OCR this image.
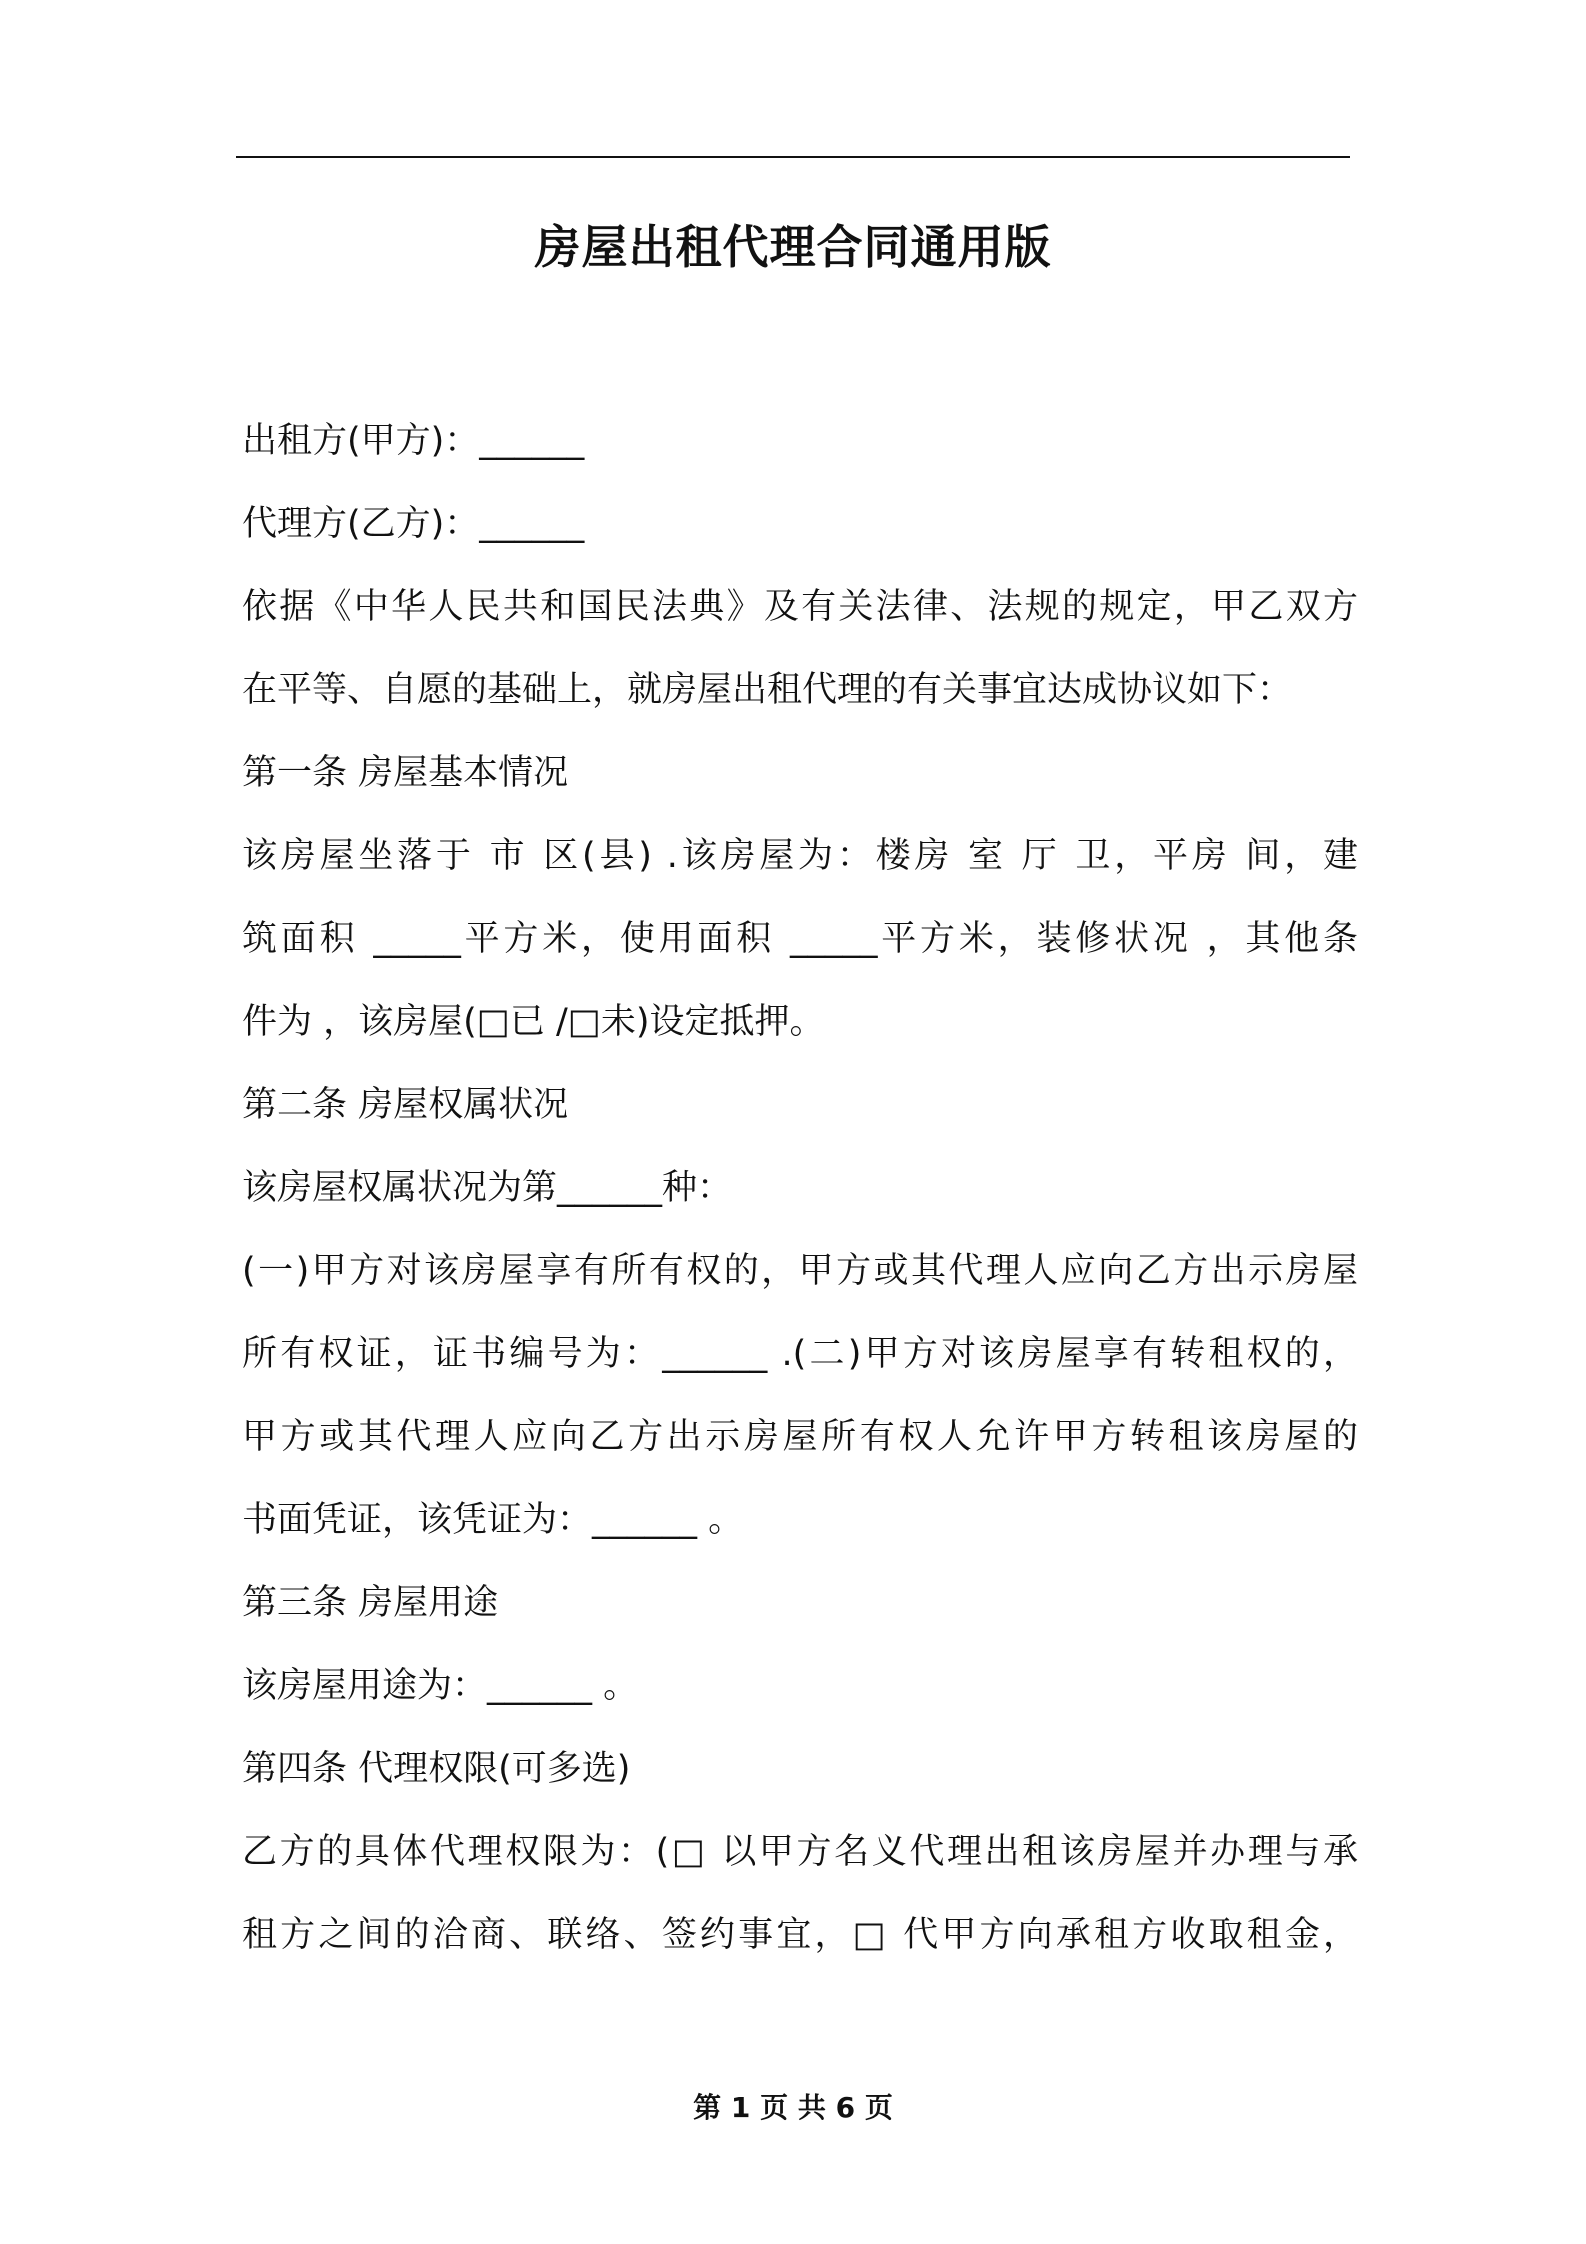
房屋出租代理合同通用版
出租方(甲方)：______
代理方(乙方)：______
依据《中华人民共和国民法典》及有关法律、法规的规定，甲乙双方
在平等、自愿的基础上，就房屋出租代理的有关事宜达成协议如下：
第一条 房屋基本情况
该房屋坐落于 市 区(县) .该房屋为：楼房 室 厅 卫，平房 间，建
筑面积 _____平方米，使用面积 _____平方米，装修状况 ，其他条
件为 ，该房屋(□已 /□未)设定抵押。
第二条 房屋权属状况
该房屋权属状况为第______种：
(一)甲方对该房屋享有所有权的，甲方或其代理人应向乙方出示房屋
所有权证，证书编号为：______ .(二)甲方对该房屋享有转租权的，
甲方或其代理人应向乙方出示房屋所有权人允许甲方转租该房屋的
书面凭证，该凭证为：______ 。
第三条 房屋用途
该房屋用途为：______ 。
第四条 代理权限(可多选)
乙方的具体代理权限为：(□ 以甲方名义代理出租该房屋并办理与承
租方之间的洽商、联络、签约事宜，□ 代甲方向承租方收取租金，
第 1 页 共 6 页
